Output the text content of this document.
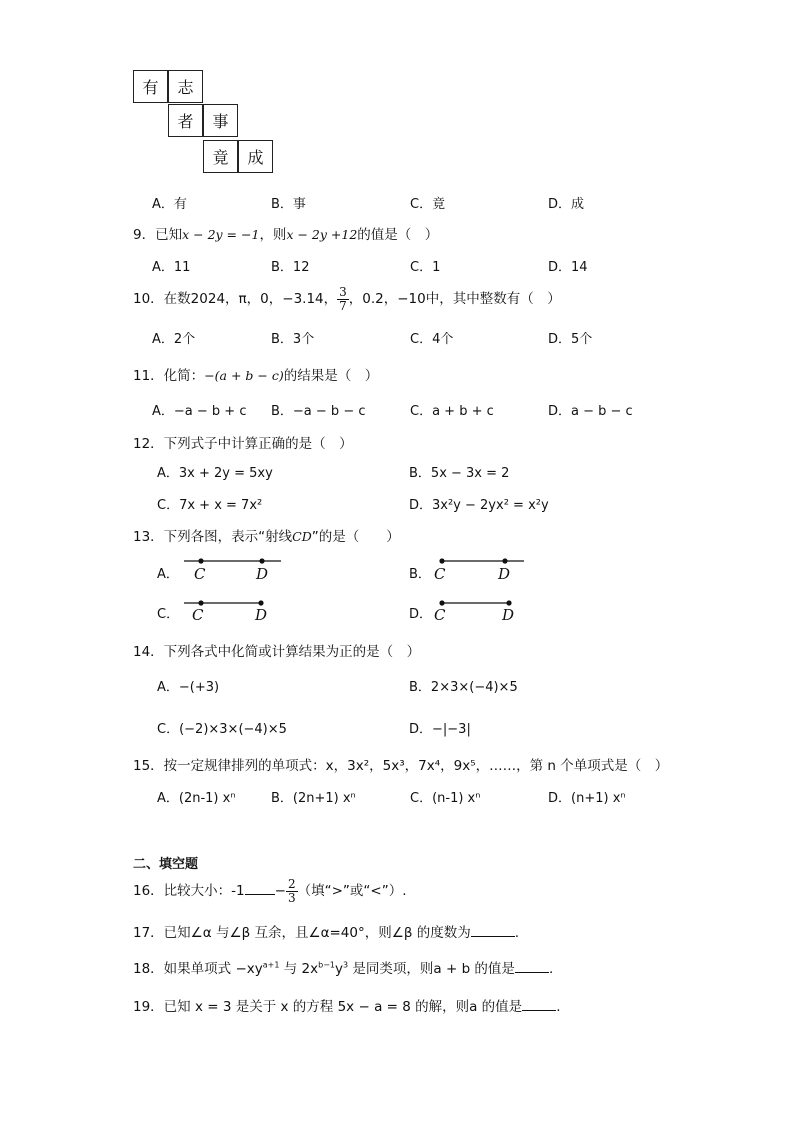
有	志
者	事
竟	成
A．有	B．事	C．竟	D．成
9．已知x − 2y = −1，则x − 2y +12的值是（　）
A．11	B．12	C．1	D．14
10．在数2024，π，0，−3.14， $\frac{3}{7}$ ，0.2，−10中，其中整数有（　）
A．2个	B．3个	C．4个	D．5个
11．化简：−(a + b − c)的结果是（　）
A．−a − b + c B．−a − b − c	C．a + b + c	D．a − b − c
12．下列式子中计算正确的是（　）
A．3x + 2y = 5xy	B．5x − 3x = 2
C．7x + x = 7x²	D．3x²y − 2yx² = x²y
13．下列各图，表示“射线CD”的是（　　）
A． C	D	B． C	D
C． C	D	D． C	D
14．下列各式中化简或计算结果为正的是（　）
A．−(+3)	B．2×3×(−4)×5
C．(−2)×3×(−4)×5	D．−|−3|
15．按一定规律排列的单项式：x，3x²，5x³，7x⁴，9x⁵，……，第 n 个单项式是（　）
A．(2n-1) xⁿ	B．(2n+1) xⁿ	C．(n-1) xⁿ	D．(n+1) xⁿ
二、填空题
16．比较大小：$-1 - \frac{2}{3}$ （填“>”或“<”）.
17．已知∠α 与∠β 互余，且∠α=40°，则∠β 的度数为	.
18．如果单项式 $-xy^{a+1}$ 与 $2x^{b-1}y^3$ 是同类项，则a + b 的值是	.
19．已知 x = 3 是关于 x 的方程 5x − a = 8 的解，则a 的值是	.
